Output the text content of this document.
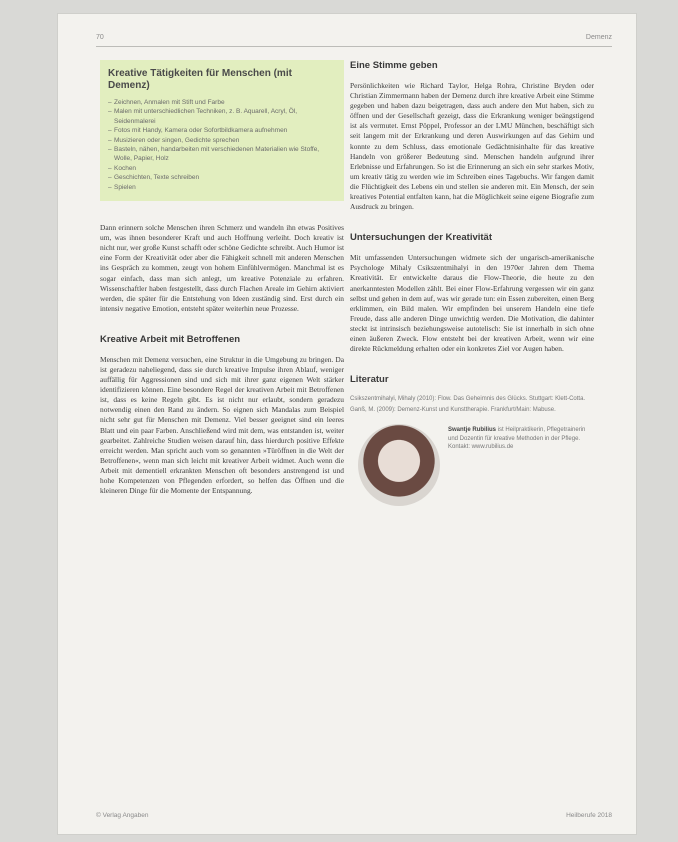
70	Demenz
Kreative Tätigkeiten für Menschen (mit Demenz)
– Zeichnen, Anmalen mit Stift und Farbe
– Malen mit unterschiedlichen Techniken, z. B. Aquarell, Acryl, Öl, Seidenmalerei
– Fotos mit Handy, Kamera oder Sofortbildkamera aufnehmen
– Musizieren oder singen, Gedichte sprechen
– Basteln, nähen, handarbeiten mit verschiedenen Materialien wie Stoffe, Wolle, Papier, Holz
– Kochen
– Geschichten, Texte schreiben
– Spielen

Dann erinnern solche Menschen ihren Schmerz und wandeln ihn etwas Positives um, was ihnen besonderer Kraft und auch Hoffnung verleiht. Doch kreativ ist nicht nur, wer große Kunst schafft oder schöne Gedichte schreibt. Auch Humor ist eine Form der Kreativität oder aber die Fähigkeit schnell mit anderen Menschen ins Gespräch zu kommen, zeugt von hohem Einfühlvermögen. Manchmal ist es sogar einfach, dass man sich anlegt, um kreative Potenziale zu erfahren. Wissenschaftler haben festgestellt, dass durch Flachen Areale im Gehirn aktiviert werden, die später für die Entstehung von Ideen zuständig sind. Erst durch ein intensiv negative Emotion, entsteht später weiterhin neue Prozesse.

Kreative Arbeit mit Betroffenen

Menschen mit Demenz versuchen, eine Struktur in die Umgebung zu bringen. Da ist geradezu naheliegend, dass sie durch kreative Impulse ihren Ablauf, weniger auffällig für Aggressionen sind und sich mit ihrer ganz eigenen Welt stärker identifizieren können. Eine besondere Regel der kreativen Arbeit mit Betroffenen ist, dass es keine Regeln gibt. Es ist nicht nur erlaubt, sondern geradezu notwendig einen den Rand zu ändern. So eignen sich Mandalas zum Beispiel nicht sehr gut für Menschen mit Demenz. Viel besser geeignet sind ein leeres Blatt und ein paar Farben. Anschließend wird mit dem, was entstanden ist, weiter gearbeitet. Zahlreiche Studien weisen darauf hin, dass hierdurch positive Effekte erreicht werden. Man spricht auch vom so genannten »Türöffnen in die Welt der Betroffenen«, wenn man sich leicht mit kreativer Arbeit widmet. Auch wenn die Arbeit mit dementiell erkrankten Menschen oft besonders anstrengend ist und hohe Kompetenzen von Pflegenden erfordert, so helfen das Öffnen und die kleineren Dinge für die Momente der Entspannung.

Eine Stimme geben

Persönlichkeiten wie Richard Taylor, Helga Rohra, Christine Bryden oder Christian Zimmermann haben der Demenz durch ihre kreative Arbeit eine Stimme gegeben und haben dazu beigetragen, dass auch andere den Mut haben, sich zu öffnen und der Gesellschaft gezeigt, dass die Erkrankung weniger beängstigend ist als vermutet. Ernst Pöppel, Professor an der LMU München, beschäftigt sich seit langem mit der Erkrankung und deren Auswirkungen auf das Gehirn und konnte zu dem Schluss, dass emotionale Gedächtnisinhalte für das kreative Handeln von größerer Bedeutung sind. Menschen handeln aufgrund ihrer Erlebnisse und Erfahrungen. So ist die Erinnerung an sich ein sehr starkes Motiv, um kreativ tätig zu werden wie im Schreiben eines Tagebuchs. Wir fangen damit die Flüchtigkeit des Lebens ein und stellen sie anderen mit. Ein Mensch, der sein kreatives Potential entfalten kann, hat die Möglichkeit seine eigene Biografie zum Ausdruck zu bringen.

Untersuchungen der Kreativität

Mit umfassenden Untersuchungen widmete sich der ungarisch-amerikanische Psychologe Mihaly Csikszentmihalyi in den 1970er Jahren dem Thema Kreativität. Er entwickelte daraus die Flow-Theorie, die heute zu den anerkanntesten Modellen zählt. Bei einer Flow-Erfahrung vergessen wir ein ganz selbst und gehen in dem auf, was wir gerade tun: ein Essen zubereiten, einen Berg erklimmen, ein Bild malen. Wir empfinden bei unserem Handeln eine tiefe Freude, dass alle anderen Dinge unwichtig werden. Die Motivation, die dahinter steckt ist intrinsisch beziehungsweise autotelisch: Sie ist innerhalb in sich ohne einen äußeren Zweck. Flow entsteht bei der kreativen Arbeit, wenn wir eine direkte Rückmeldung erhalten oder ein konkretes Ziel vor Augen haben.

Literatur

Csikszentmihalyi, Mihaly (2010): Flow. Das Geheimnis des Glücks. Stuttgart: Klett-Cotta.

Ganß, M. (2009): Demenz-Kunst und Kunsttherapie. Frankfurt/Main: Mabuse.

Swantje Rubilius ist Heilpraktikerin, Pflegetrainerin und Dozentin für kreative Methoden in der Pflege. Kontakt: www.rubilius.de
© Verlag Angaben	Heilberufe 2018
